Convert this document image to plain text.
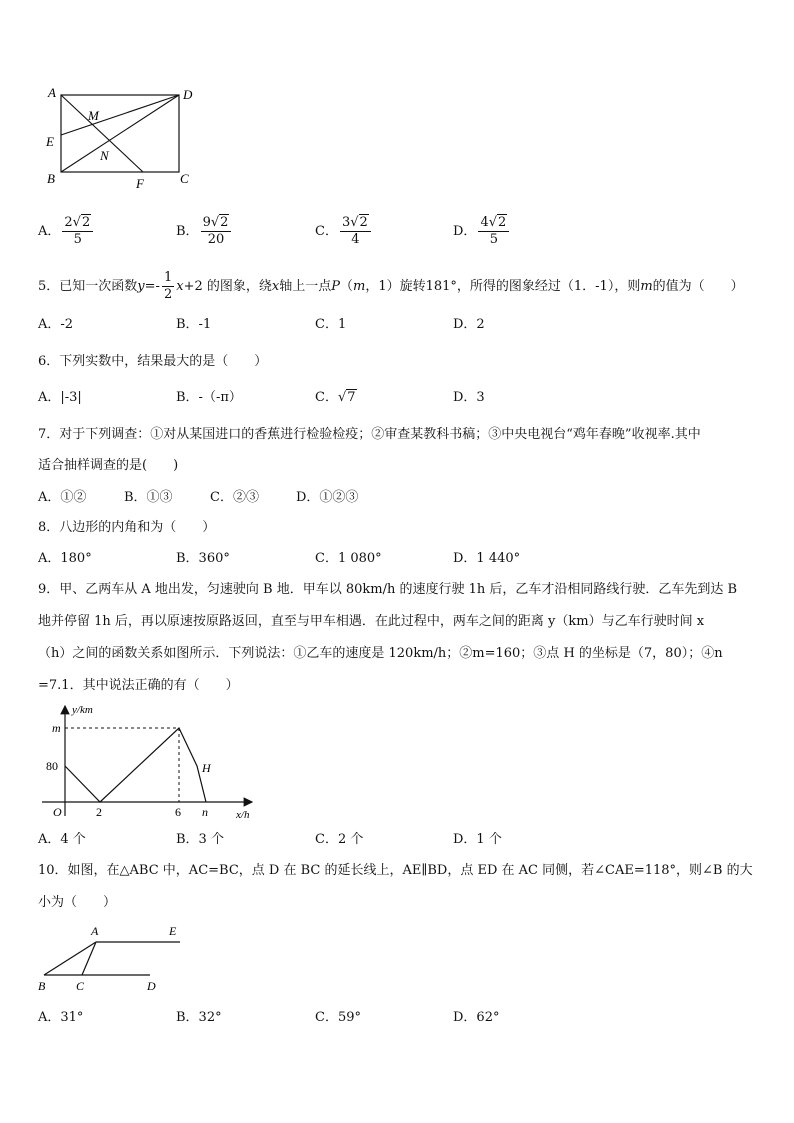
A	D
M
E
N
B	F	C
A． $\frac{2√2}{5}$	B． $\frac{9√2}{20}$	C． $\frac{3√2}{4}$	D． $\frac{4√2}{5}$
5．已知一次函数$y=- \frac{1}{2} x+2$ 的图象，绕x轴上一点P（m，1）旋转181°，所得的图象经过（1．-1），则m的值为（　　）
A．-2	B．-1	C．1	D．2
6．下列实数中，结果最大的是（　　）
A．|-3|	B．-（-π）	C．√7	D．3
7．对于下列调查：①对从某国进口的香蕉进行检验检疫；②审查某教科书稿；③中央电视台“鸡年春晚”收视率.其中
适合抽样调查的是(　　)
A．①②	B．①③	C．②③	D．①②③
8．八边形的内角和为（　　）
A．180°	B．360°	C．1 080°	D．1 440°
9．甲、乙两车从 A 地出发，匀速驶向 B 地．甲车以 80km/h 的速度行驶 1h 后，乙车才沿相同路线行驶．乙车先到达 B
地并停留 1h 后，再以原速按原路返回，直至与甲车相遇．在此过程中，两车之间的距离 y（km）与乙车行驶时间 x
（h）之间的函数关系如图所示．下列说法：①乙车的速度是 120km/h；②m=160；③点 H 的坐标是（7，80）；④n
=7.1．其中说法正确的有（　　）
y/km
m
80
O	2	6 n
H
x/h
A．4 个	B．3 个	C．2 个	D．1 个
10．如图，在△ABC 中，AC=BC，点 D 在 BC 的延长线上，AE∥BD，点 ED 在 AC 同侧，若∠CAE=118°，则∠B 的大
小为（　　）
A	E
B	C	D
A．31°	B．32°	C．59°	D．62°
